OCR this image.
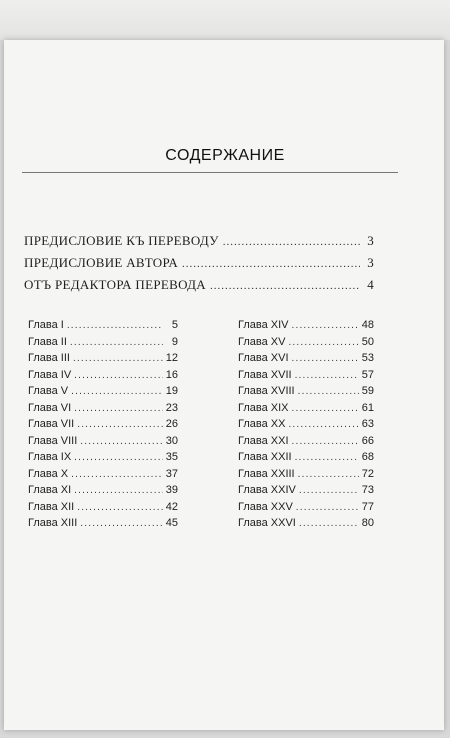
СОДЕРЖАНИЕ
ПРЕДИСЛОВИЕ КЪ ПЕРЕВОДУ .....	3
ПРЕДИСЛОВИЕ АВТОРА .....	3
ОТЪ РЕДАКТОРА ПЕРЕВОДА .....	4
Глава I .....	5
Глава II .....	9
Глава III .....	12
Глава IV .....	16
Глава V .....	19
Глава VI .....	23
Глава VII .....	26
Глава VIII .....	30
Глава IX .....	35
Глава X .....	37
Глава XI .....	39
Глава XII .....	42
Глава XIII .....	45
Глава XIV .....	48
Глава XV .....	50
Глава XVI .....	53
Глава XVII .....	57
Глава XVIII .....	59
Глава XIX .....	61
Глава XX .....	63
Глава XXI .....	66
Глава XXII .....	68
Глава XXIII .....	72
Глава XXIV .....	73
Глава XXV .....	77
Глава XXVI .....	80
